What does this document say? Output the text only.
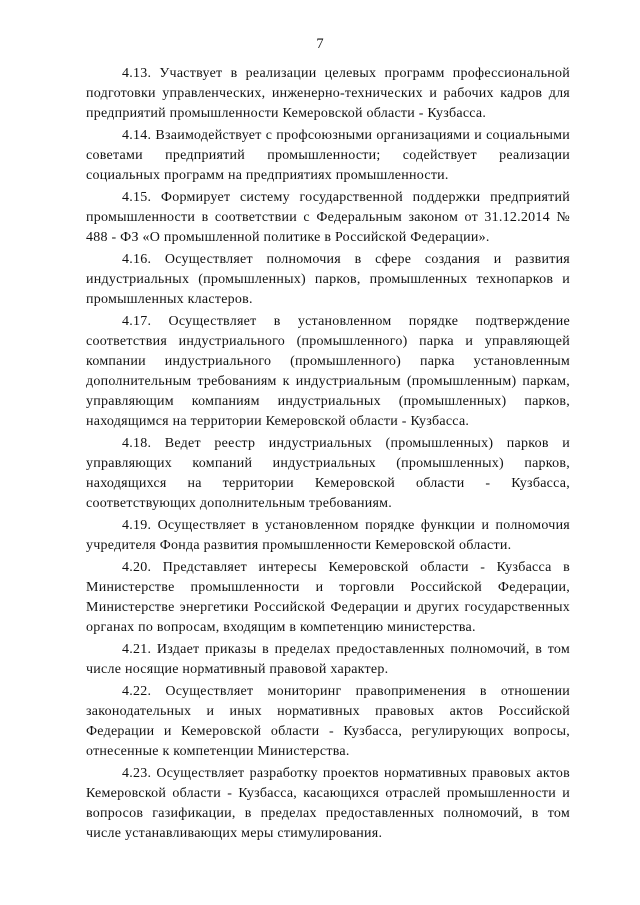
7

4.13. Участвует в реализации целевых программ профессиональной подготовки управленческих, инженерно-технических и рабочих кадров для предприятий промышленности Кемеровской области - Кузбасса.

4.14. Взаимодействует с профсоюзными организациями и социальными советами предприятий промышленности; содействует реализации социальных программ на предприятиях промышленности.

4.15. Формирует систему государственной поддержки предприятий промышленности в соответствии с Федеральным законом от 31.12.2014 № 488 - ФЗ «О промышленной политике в Российской Федерации».

4.16. Осуществляет полномочия в сфере создания и развития индустриальных (промышленных) парков, промышленных технопарков и промышленных кластеров.

4.17. Осуществляет в установленном порядке подтверждение соответствия индустриального (промышленного) парка и управляющей компании индустриального (промышленного) парка установленным дополнительным требованиям к индустриальным (промышленным) паркам, управляющим компаниям индустриальных (промышленных) парков, находящимся на территории Кемеровской области - Кузбасса.

4.18. Ведет реестр индустриальных (промышленных) парков и управляющих компаний индустриальных (промышленных) парков, находящихся на территории Кемеровской области - Кузбасса, соответствующих дополнительным требованиям.

4.19. Осуществляет в установленном порядке функции и полномочия учредителя Фонда развития промышленности Кемеровской области.

4.20. Представляет интересы Кемеровской области - Кузбасса в Министерстве промышленности и торговли Российской Федерации, Министерстве энергетики Российской Федерации и других государственных органах по вопросам, входящим в компетенцию министерства.

4.21. Издает приказы в пределах предоставленных полномочий, в том числе носящие нормативный правовой характер.

4.22. Осуществляет мониторинг правоприменения в отношении законодательных и иных нормативных правовых актов Российской Федерации и Кемеровской области - Кузбасса, регулирующих вопросы, отнесенные к компетенции Министерства.

4.23. Осуществляет разработку проектов нормативных правовых актов Кемеровской области - Кузбасса, касающихся отраслей промышленности и вопросов газификации, в пределах предоставленных полномочий, в том числе устанавливающих меры стимулирования.
